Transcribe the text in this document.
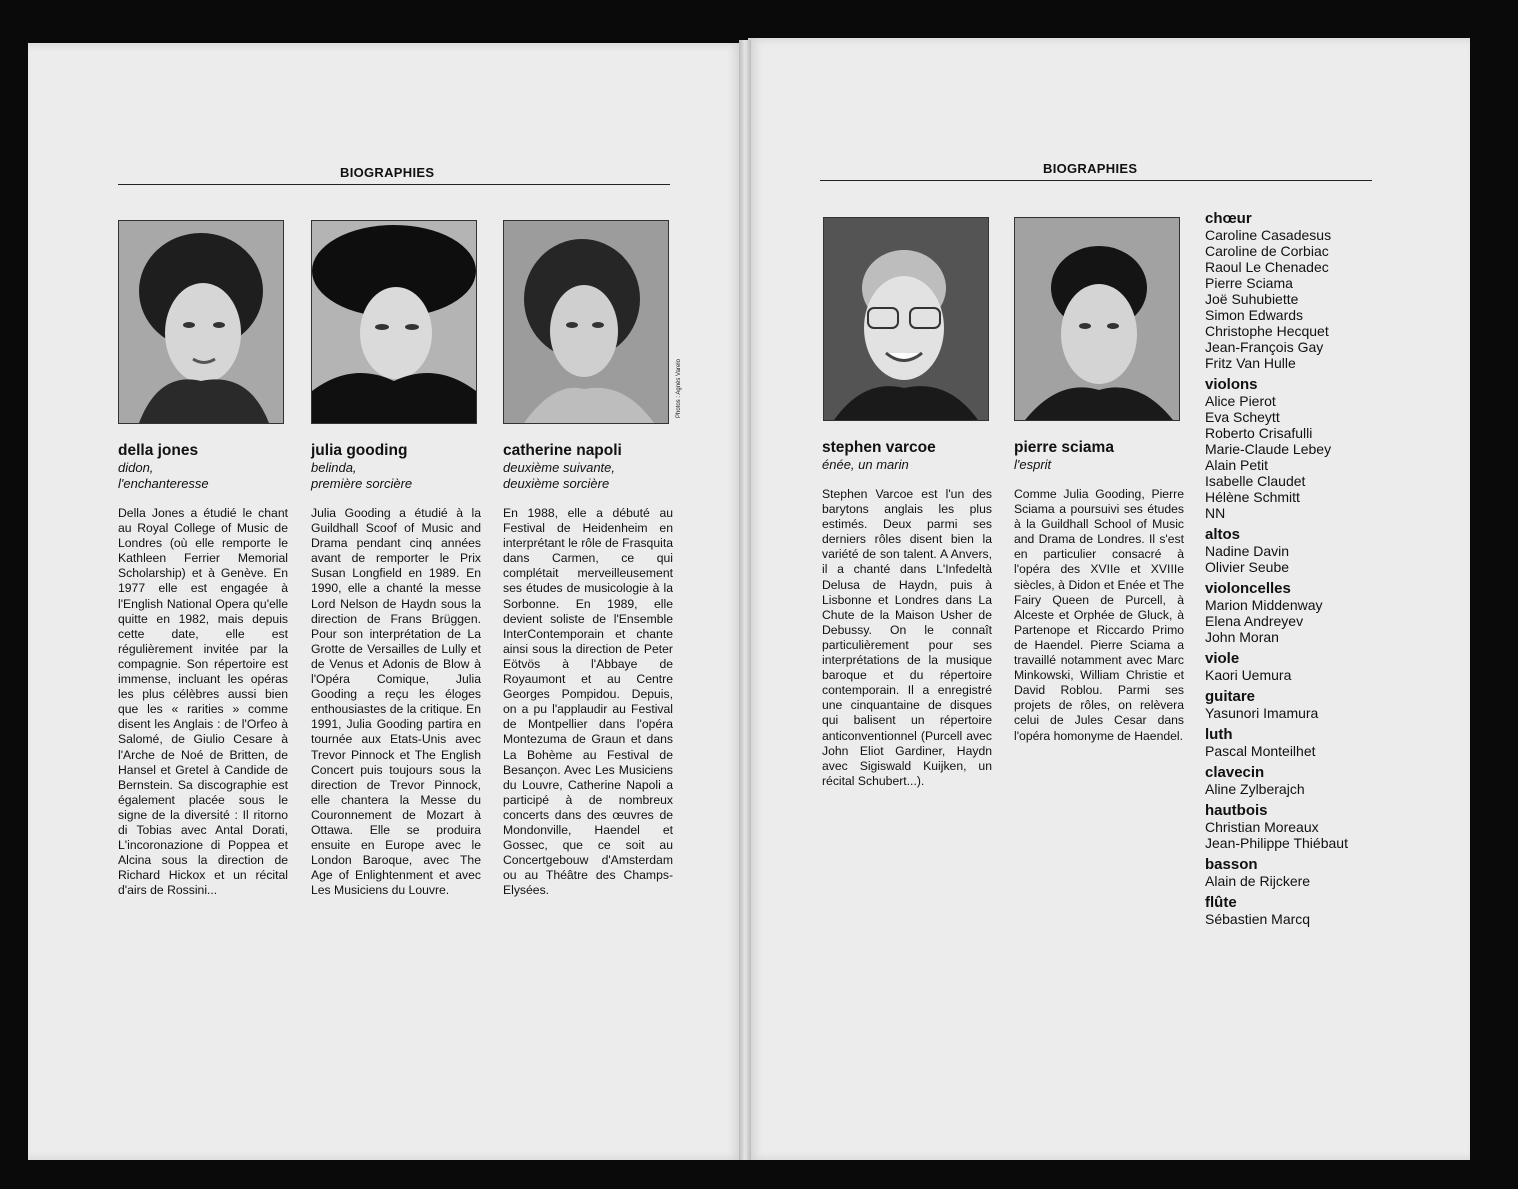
BIOGRAPHIES
Photos : Agnès Varelo

della jones

didon,
l'enchanteresse

Della Jones a étudié le chant au Royal College of Music de Londres (où elle remporte le Kathleen Ferrier Memorial Scholarship) et à Genève. En 1977 elle est engagée à l'English National Opera qu'elle quitte en 1982, mais depuis cette date, elle est régulièrement invitée par la compagnie. Son répertoire est immense, incluant les opéras les plus célèbres aussi bien que les « rarities » comme disent les Anglais : de l'Orfeo à Salomé, de Giulio Cesare à l'Arche de Noé de Britten, de Hansel et Gretel à Candide de Bernstein. Sa discographie est également placée sous le signe de la diversité : Il ritorno di Tobias avec Antal Dorati, L'incoronazione di Poppea et Alcina sous la direction de Richard Hickox et un récital d'airs de Rossini...

julia gooding

belinda,
première sorcière

Julia Gooding a étudié à la Guildhall Scoof of Music and Drama pendant cinq années avant de remporter le Prix Susan Longfield en 1989. En 1990, elle a chanté la messe Lord Nelson de Haydn sous la direction de Frans Brüggen. Pour son interprétation de La Grotte de Versailles de Lully et de Venus et Adonis de Blow à l'Opéra Comique, Julia Gooding a reçu les éloges enthousiastes de la critique. En 1991, Julia Gooding partira en tournée aux Etats-Unis avec Trevor Pinnock et The English Concert puis toujours sous la direction de Trevor Pinnock, elle chantera la Messe du Couronnement de Mozart à Ottawa. Elle se produira ensuite en Europe avec le London Baroque, avec The Age of Enlightenment et avec Les Musiciens du Louvre.

catherine napoli

deuxième suivante,
deuxième sorcière

En 1988, elle a débuté au Festival de Heidenheim en interprétant le rôle de Frasquita dans Carmen, ce qui complétait merveilleusement ses études de musicologie à la Sorbonne. En 1989, elle devient soliste de l'Ensemble InterContemporain et chante ainsi sous la direction de Peter Eötvös à l'Abbaye de Royaumont et au Centre Georges Pompidou. Depuis, on a pu l'applaudir au Festival de Montpellier dans l'opéra Montezuma de Graun et dans La Bohème au Festival de Besançon. Avec Les Musiciens du Louvre, Catherine Napoli a participé à de nombreux concerts dans des œuvres de Mondonville, Haendel et Gossec, que ce soit au Concertgebouw d'Amsterdam ou au Théâtre des Champs-Elysées.

BIOGRAPHIES

stephen varcoe

énée, un marin

Stephen Varcoe est l'un des barytons anglais les plus estimés. Deux parmi ses derniers rôles disent bien la variété de son talent. A Anvers, il a chanté dans L'Infedeltà Delusa de Haydn, puis à Lisbonne et Londres dans La Chute de la Maison Usher de Debussy. On le connaît particulièrement pour ses interprétations de la musique baroque et du répertoire contemporain. Il a enregistré une cinquantaine de disques qui balisent un répertoire anticonventionnel (Purcell avec John Eliot Gardiner, Haydn avec Sigiswald Kuijken, un récital Schubert...).

pierre sciama

l'esprit

Comme Julia Gooding, Pierre Sciama a poursuivi ses études à la Guildhall School of Music and Drama de Londres. Il s'est en particulier consacré à l'opéra des XVIIe et XVIIIe siècles, à Didon et Enée et The Fairy Queen de Purcell, à Alceste et Orphée de Gluck, à Partenope et Riccardo Primo de Haendel. Pierre Sciama a travaillé notamment avec Marc Minkowski, William Christie et David Roblou. Parmi ses projets de rôles, on relèvera celui de Jules Cesar dans l'opéra homonyme de Haendel.

chœur

Caroline Casadesus

Caroline de Corbiac

Raoul Le Chenadec

Pierre Sciama

Joë Suhubiette

Simon Edwards

Christophe Hecquet

Jean-François Gay

Fritz Van Hulle

violons

Alice Pierot

Eva Scheytt

Roberto Crisafulli

Marie-Claude Lebey

Alain Petit

Isabelle Claudet

Hélène Schmitt

NN

altos

Nadine Davin

Olivier Seube

violoncelles

Marion Middenway

Elena Andreyev

John Moran

viole

Kaori Uemura

guitare

Yasunori Imamura

luth

Pascal Monteilhet

clavecin

Aline Zylberajch

hautbois

Christian Moreaux

Jean-Philippe Thiébaut

basson

Alain de Rijckere

flûte

Sébastien Marcq
